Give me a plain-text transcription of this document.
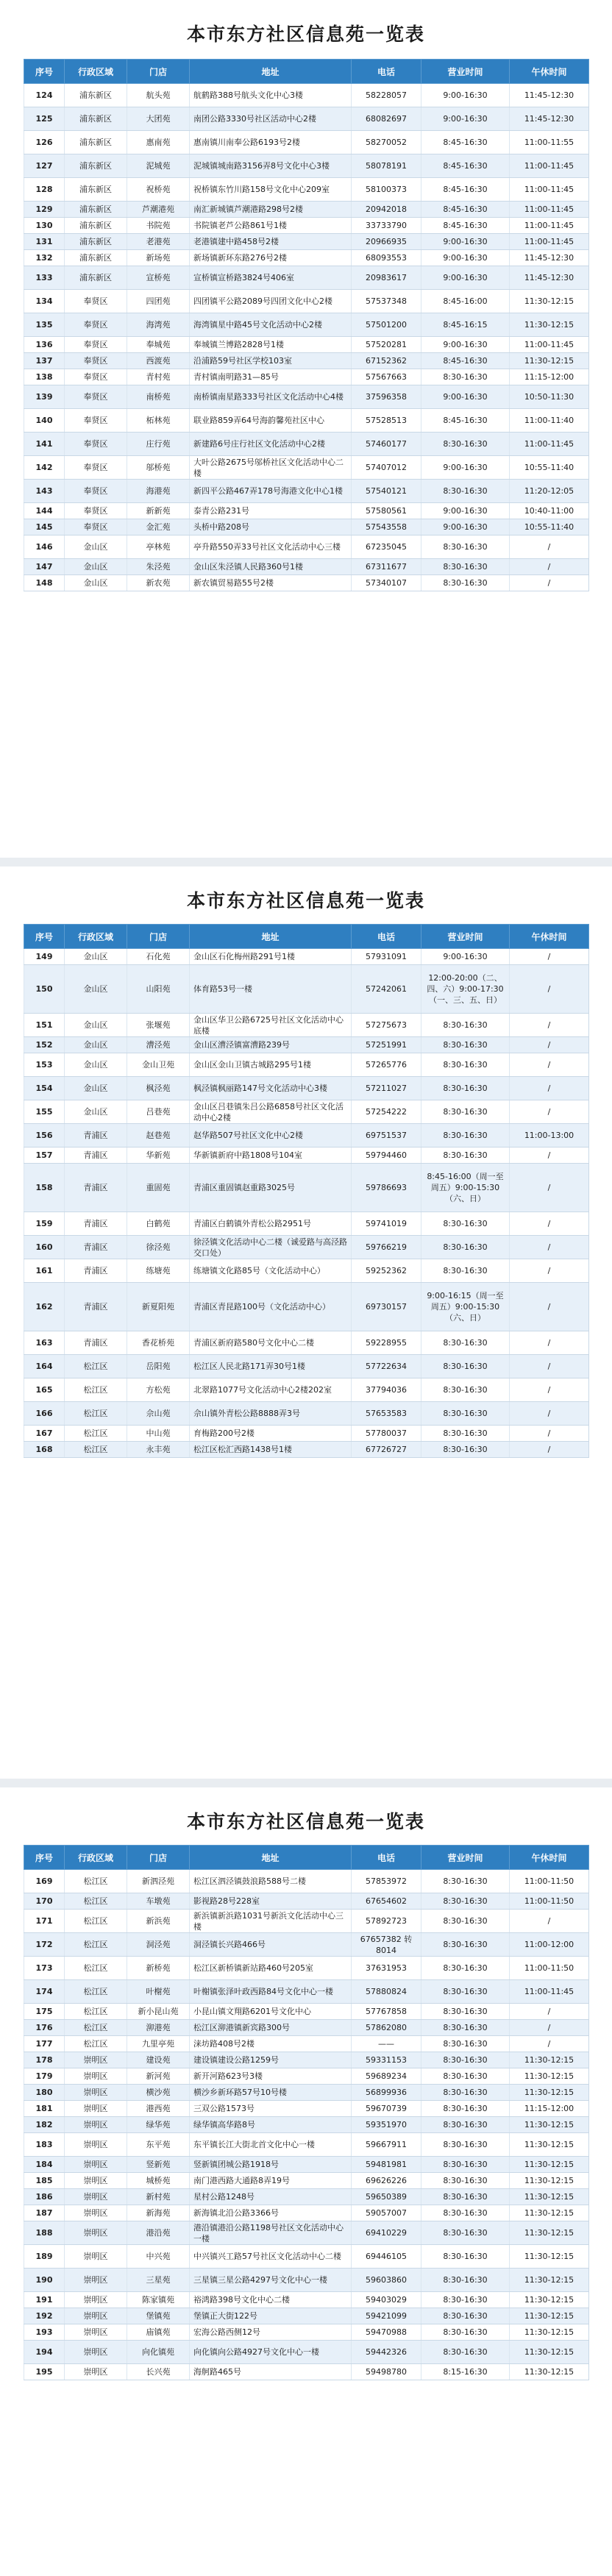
本市东方社区信息苑一览表
序号	行政区域	门店	地址	电话	营业时间	午休时间
124	浦东新区	航头苑	航鹤路388号航头文化中心3楼	58228057	9:00-16:30	11:45-12:30
125	浦东新区	大团苑	南团公路3330号社区活动中心2楼	68082697	9:00-16:30	11:45-12:30
126	浦东新区	惠南苑	惠南镇川南奉公路6193号2楼	58270052	8:45-16:30	11:00-11:55
127	浦东新区	泥城苑	泥城镇城南路3156弄8号文化中心3楼	58078191	8:45-16:30	11:00-11:45
128	浦东新区	祝桥苑	祝桥镇东竹川路158号文化中心209室	58100373	8:45-16:30	11:00-11:45
129	浦东新区	芦潮港苑	南汇新城镇芦潮港路298号2楼	20942018	8:45-16:30	11:00-11:45
130	浦东新区	书院苑	书院镇老芦公路861号1楼	33733790	8:45-16:30	11:00-11:45
131	浦东新区	老港苑	老港镇建中路458号2楼	20966935	9:00-16:30	11:00-11:45
132	浦东新区	新场苑	新场镇新环东路276号2楼	68093553	9:00-16:30	11:45-12:30
133	浦东新区	宣桥苑	宣桥镇宣桥路3824号406室	20983617	9:00-16:30	11:45-12:30
134	奉贤区	四团苑	四团镇平公路2089号四团文化中心2楼	57537348	8:45-16:00	11:30-12:15
135	奉贤区	海湾苑	海湾镇星中路45号文化活动中心2楼	57501200	8:45-16:15	11:30-12:15
136	奉贤区	奉城苑	奉城镇兰博路2828号1楼	57520281	9:00-16:30	11:00-11:45
137	奉贤区	西渡苑	沿浦路59号社区学校103室	67152362	8:45-16:30	11:30-12:15
138	奉贤区	青村苑	青村镇南明路31—85号	57567663	8:30-16:30	11:15-12:00
139	奉贤区	南桥苑	南桥镇南星路333号社区文化活动中心4楼	37596358	9:00-16:30	10:50-11:30
140	奉贤区	柘林苑	联业路859弄64号海韵馨苑社区中心	57528513	8:45-16:30	11:00-11:40
141	奉贤区	庄行苑	新建路6号庄行社区文化活动中心2楼	57460177	8:30-16:30	11:00-11:45
142	奉贤区	邬桥苑	大叶公路2675号邬桥社区文化活动中心二楼	57407012	9:00-16:30	10:55-11:40
143	奉贤区	海港苑	新四平公路467弄178号海港文化中心1楼	57540121	8:30-16:30	11:20-12:05
144	奉贤区	新新苑	泰青公路231号	57580561	9:00-16:30	10:40-11:00
145	奉贤区	金汇苑	头桥中路208号	57543558	9:00-16:30	10:55-11:40
146	金山区	亭林苑	亭升路550弄33号社区文化活动中心三楼	67235045	8:30-16:30	/
147	金山区	朱泾苑	金山区朱泾镇人民路360号1楼	67311677	8:30-16:30	/
148	金山区	新农苑	新农镇贸易路55号2楼	57340107	8:30-16:30	/
本市东方社区信息苑一览表
序号	行政区域	门店	地址	电话	营业时间	午休时间
149	金山区	石化苑	金山区石化梅州路291号1楼	57931091	9:00-16:30	/
150	金山区	山阳苑	体育路53号一楼	57242061	12:00-20:00（二、四、六）9:00-17:30（一、三、五、日）	/
151	金山区	张堰苑	金山区华卫公路6725号社区文化活动中心底楼	57275673	8:30-16:30	/
152	金山区	漕泾苑	金山区漕泾镇富漕路239号	57251991	8:30-16:30	/
153	金山区	金山卫苑	金山区金山卫镇古城路295号1楼	57265776	8:30-16:30	/
154	金山区	枫泾苑	枫泾镇枫丽路147号文化活动中心3楼	57211027	8:30-16:30	/
155	金山区	吕巷苑	金山区吕巷镇朱吕公路6858号社区文化活动中心2楼	57254222	8:30-16:30	/
156	青浦区	赵巷苑	赵华路507号社区文化中心2楼	69751537	8:30-16:30	11:00-13:00
157	青浦区	华新苑	华新镇新府中路1808号104室	59794460	8:30-16:30	/
158	青浦区	重固苑	青浦区重固镇赵重路3025号	59786693	8:45-16:00（周一至周五）9:00-15:30（六、日）	/
159	青浦区	白鹤苑	青浦区白鹤镇外青松公路2951号	59741019	8:30-16:30	/
160	青浦区	徐泾苑	徐泾镇文化活动中心二楼（诚爱路与高泾路交口处）	59766219	8:30-16:30	/
161	青浦区	练塘苑	练塘镇文化路85号（文化活动中心）	59252362	8:30-16:30	/
162	青浦区	新夏阳苑	青浦区青昆路100号（文化活动中心）	69730157	9:00-16:15（周一至周五）9:00-15:30（六、日）	/
163	青浦区	香花桥苑	青浦区新府路580号文化中心二楼	59228955	8:30-16:30	/
164	松江区	岳阳苑	松江区人民北路171弄30号1楼	57722634	8:30-16:30	/
165	松江区	方松苑	北翠路1077号文化活动中心2楼202室	37794036	8:30-16:30	/
166	松江区	佘山苑	佘山镇外青松公路8888弄3号	57653583	8:30-16:30	/
167	松江区	中山苑	育梅路200号2楼	57780037	8:30-16:30	/
168	松江区	永丰苑	松江区松汇西路1438号1楼	67726727	8:30-16:30	/
本市东方社区信息苑一览表
序号	行政区域	门店	地址	电话	营业时间	午休时间
169	松江区	新泗泾苑	松江区泗泾镇鼓浪路588号二楼	57853972	8:30-16:30	11:00-11:50
170	松江区	车墩苑	影视路28号228室	67654602	8:30-16:30	11:00-11:50
171	松江区	新浜苑	新浜镇新浜路1031号新浜文化活动中心三楼	57892723	8:30-16:30	/
172	松江区	洞泾苑	洞泾镇长兴路466号	67657382 转8014	8:30-16:30	11:00-12:00
173	松江区	新桥苑	松江区新桥镇新站路460号205室	37631953	8:30-16:30	11:00-11:50
174	松江区	叶榭苑	叶榭镇张泽叶政西路84号文化中心一楼	57880824	8:30-16:30	11:00-11:45
175	松江区	新小昆山苑	小昆山镇文翔路6201号文化中心	57767858	8:30-16:30	/
176	松江区	泖港苑	松江区泖港镇新宾路300号	57862080	8:30-16:30	/
177	松江区	九里亭苑	涞坊路408号2楼	——	8:30-16:30	/
178	崇明区	建设苑	建设镇建设公路1259号	59331153	8:30-16:30	11:30-12:15
179	崇明区	新河苑	新开河路623号3楼	59689234	8:30-16:30	11:30-12:15
180	崇明区	横沙苑	横沙乡新环路57号10号楼	56899936	8:30-16:30	11:30-12:15
181	崇明区	港西苑	三双公路1573号	59670739	8:30-16:30	11:15-12:00
182	崇明区	绿华苑	绿华镇高华路8号	59351970	8:30-16:30	11:30-12:15
183	崇明区	东平苑	东平镇长江大街北首文化中心一楼	59667911	8:30-16:30	11:30-12:15
184	崇明区	竖新苑	竖新镇团城公路1918号	59481981	8:30-16:30	11:30-12:15
185	崇明区	城桥苑	南门港西路大通路8弄19号	69626226	8:30-16:30	11:30-12:15
186	崇明区	新村苑	星村公路1248号	59650389	8:30-16:30	11:30-12:15
187	崇明区	新海苑	新海镇北沿公路3366号	59057007	8:30-16:30	11:30-12:15
188	崇明区	港沿苑	港沿镇港沿公路1198号社区文化活动中心一楼	69410229	8:30-16:30	11:30-12:15
189	崇明区	中兴苑	中兴镇兴工路57号社区文化活动中心二楼	69446105	8:30-16:30	11:30-12:15
190	崇明区	三星苑	三星镇三星公路4297号文化中心一楼	59603860	8:30-16:30	11:30-12:15
191	崇明区	陈家镇苑	裕鸿路398号文化中心二楼	59403029	8:30-16:30	11:30-12:15
192	崇明区	堡镇苑	堡镇正大街122号	59421099	8:30-16:30	11:30-12:15
193	崇明区	庙镇苑	宏海公路西侧12号	59470988	8:30-16:30	11:30-12:15
194	崇明区	向化镇苑	向化镇向公路4927号文化中心一楼	59442326	8:30-16:30	11:30-12:15
195	崇明区	长兴苑	海舸路465号	59498780	8:15-16:30	11:30-12:15
